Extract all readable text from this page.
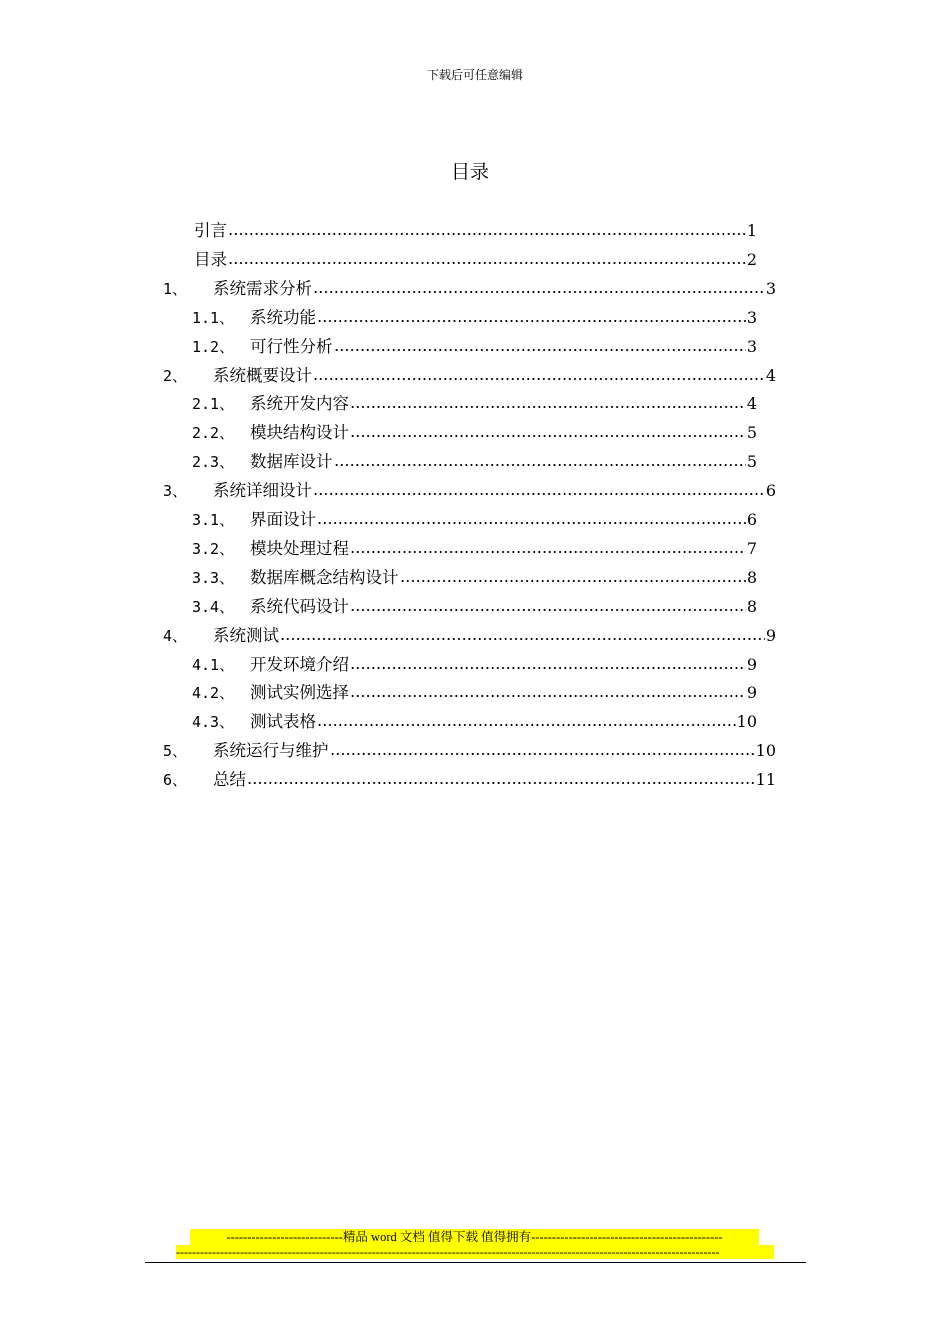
下载后可任意编辑
目录
引言	1
目录	2
1、	系统需求分析	3
1.1、 系统功能	3
1.2、 可行性分析	3
2、	系统概要设计	4
2.1、 系统开发内容	4
2.2、 模块结构设计	5
2.3、 数据库设计	5
3、	系统详细设计	6
3.1、 界面设计	6
3.2、 模块处理过程	7
3.3、 数据库概念结构设计	8
3.4、 系统代码设计	8
4、	系统测试	9
4.1、 开发环境介绍	9
4.2、 测试实例选择	9
4.3、 测试表格	10
5、	系统运行与维护	10
6、	总结	11
----------------------------精品 word 文档 值得下载 值得拥有----------------------------------------------
----------------------------------------------------------------------------------------------------------------------------------------
